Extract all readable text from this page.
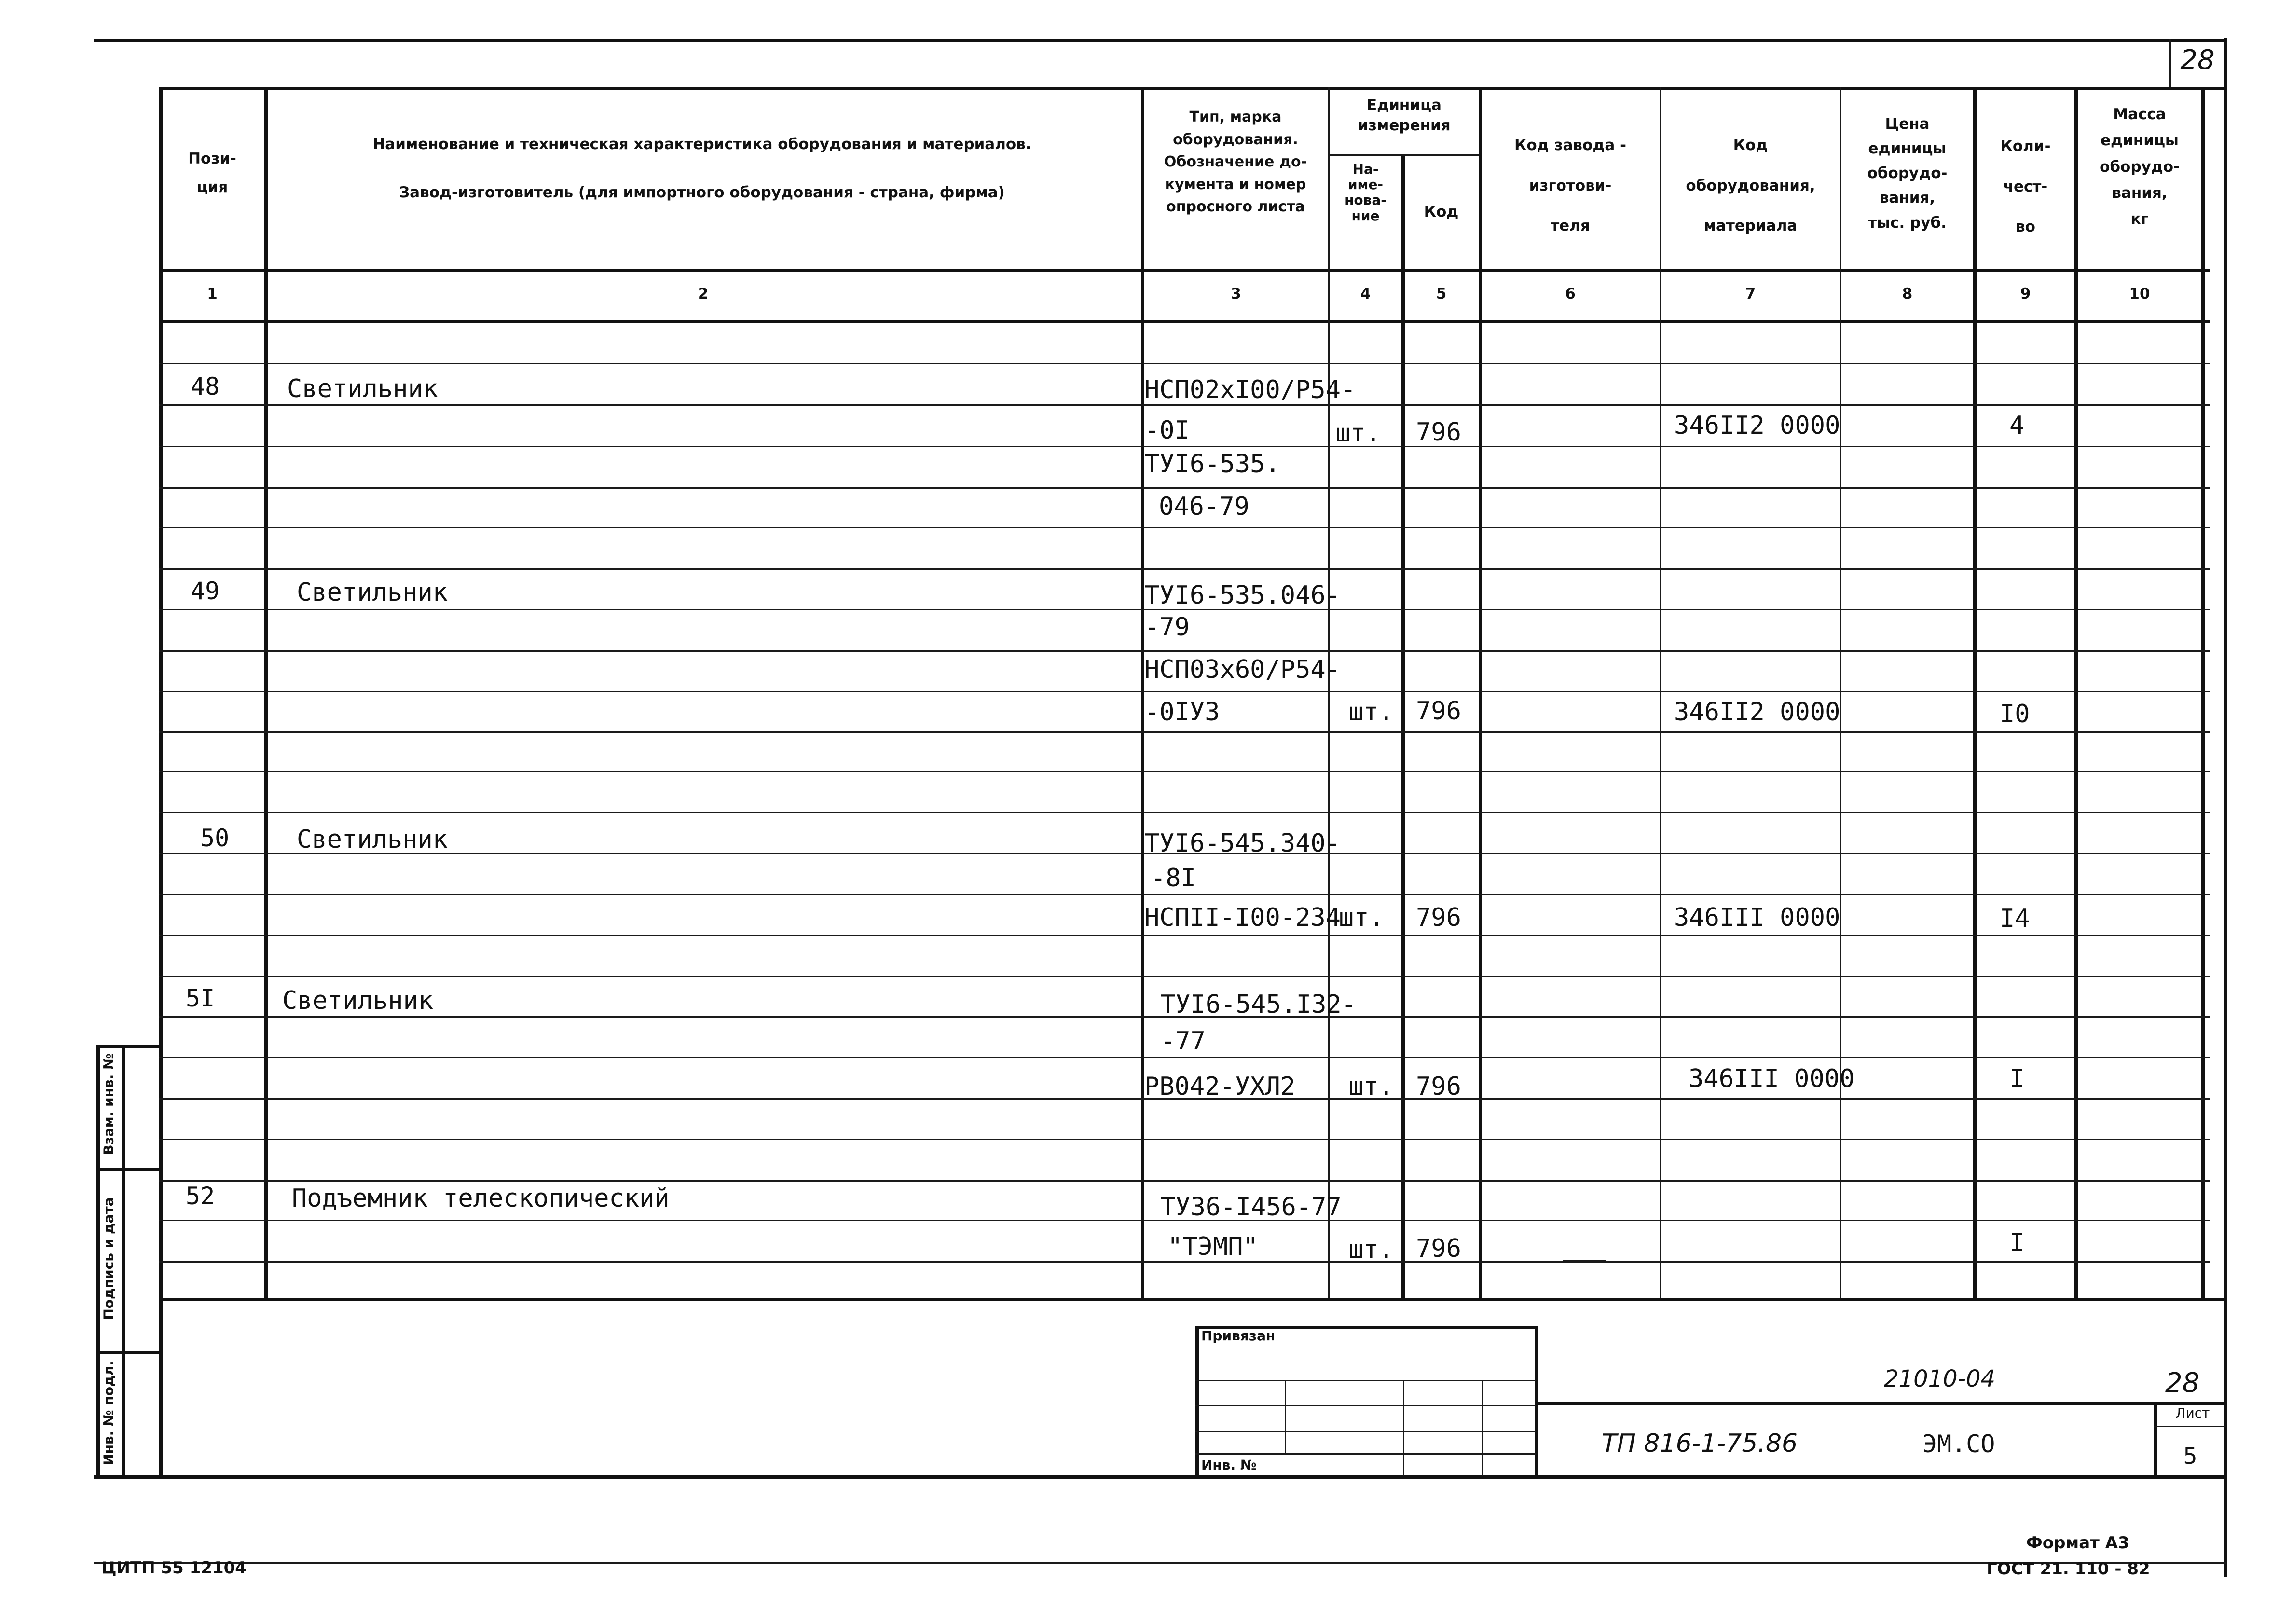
28
Пози-
ция
Наименование и техническая характеристика оборудования и материалов.
Завод-изготовитель (для импортного оборудования - страна, фирма)
Тип, марка
оборудования.
Обозначение до-
кумента и номер
опросного листа
Единица
измерения
На-
име-
нова-
ние	Код
Код завода -
изготови-
теля
Код
оборудования,
материала
Цена
единицы
оборудо-
вания,
тыс. руб.
Коли-
чест-
во
Масса
единицы
оборудо-
вания,
кг
1	2	3	4	5	6	7	8	9	10
48	Светильник	НСП02хI00/Р54-
-0I
ТУI6-535.
046-79
шт. 796	346II2 0000	4
49	Светильник	ТУI6-535.046-
-79
НСП03х60/Р54-
-0IУ3	шт. 796	346II2 0000	I0
50	Светильник	ТУI6-545.340-
-8I
НСПII-I00-234
шт. 796	346III 0000	I4
5I	Светильник	ТУI6-545.I32-
-77
РВ042-УХЛ2 шт. 796	346III 0000	I
52	Подъемник телескопический	ТУ36-I456-77
"ТЭМП"	шт. 796	I
Взам. инв. №
Подпись и дата
Инв. № подл.
Привязан
Инв. №
21010-04	28
ТП 816-1-75.86	ЭМ.СО
Лист
5
ЦИТП 55 12104
Формат А3
ГОСТ 21. 110 - 82
